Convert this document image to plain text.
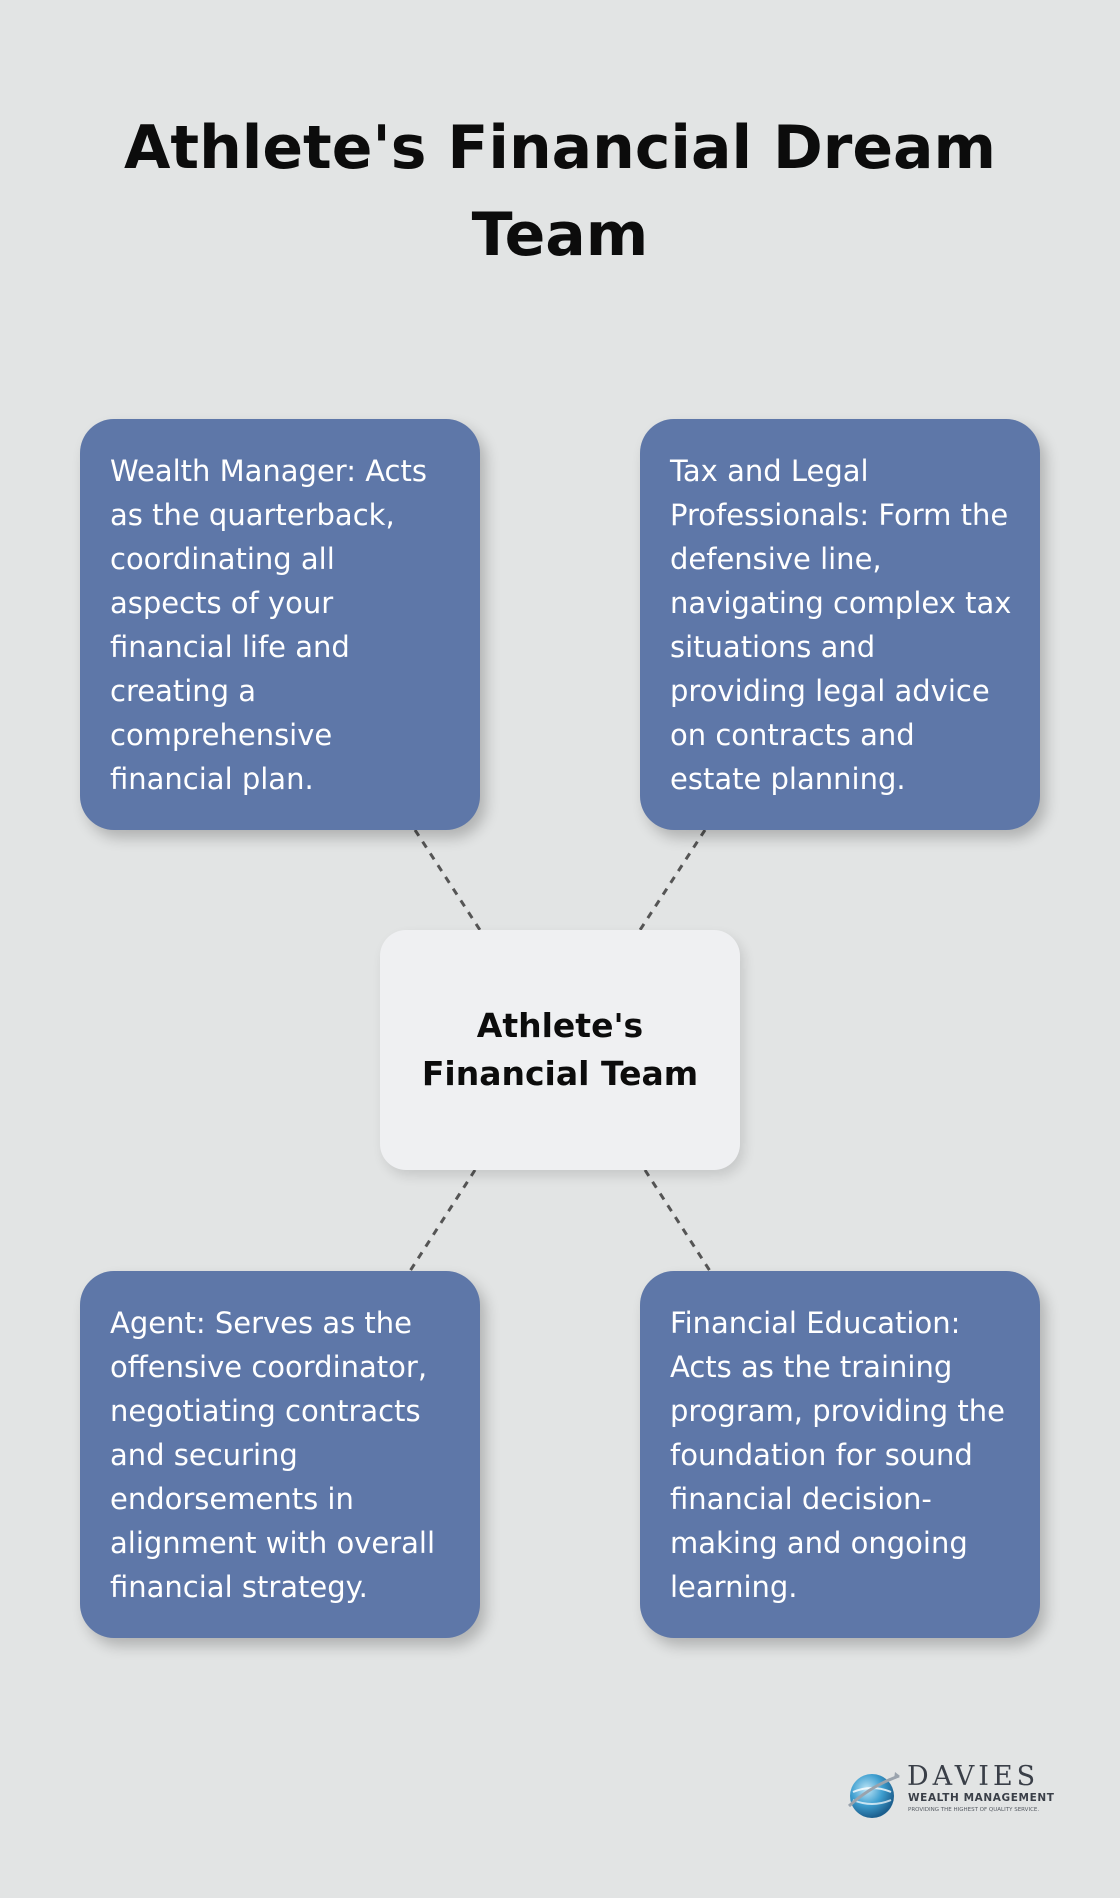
Athlete's Financial Dream Team
Wealth Manager: Acts as the quarterback, coordinating all aspects of your financial life and creating a comprehensive financial plan.
Tax and Legal Professionals: Form the defensive line, navigating complex tax situations and providing legal advice on contracts and estate planning.
Athlete's Financial Team
Agent: Serves as the offensive coordinator, negotiating contracts and securing endorsements in alignment with overall financial strategy.
Financial Education: Acts as the training program, providing the foundation for sound financial decision-making and ongoing learning.
DAVIES
WEALTH MANAGEMENT
PROVIDING THE HIGHEST OF QUALITY SERVICE.
